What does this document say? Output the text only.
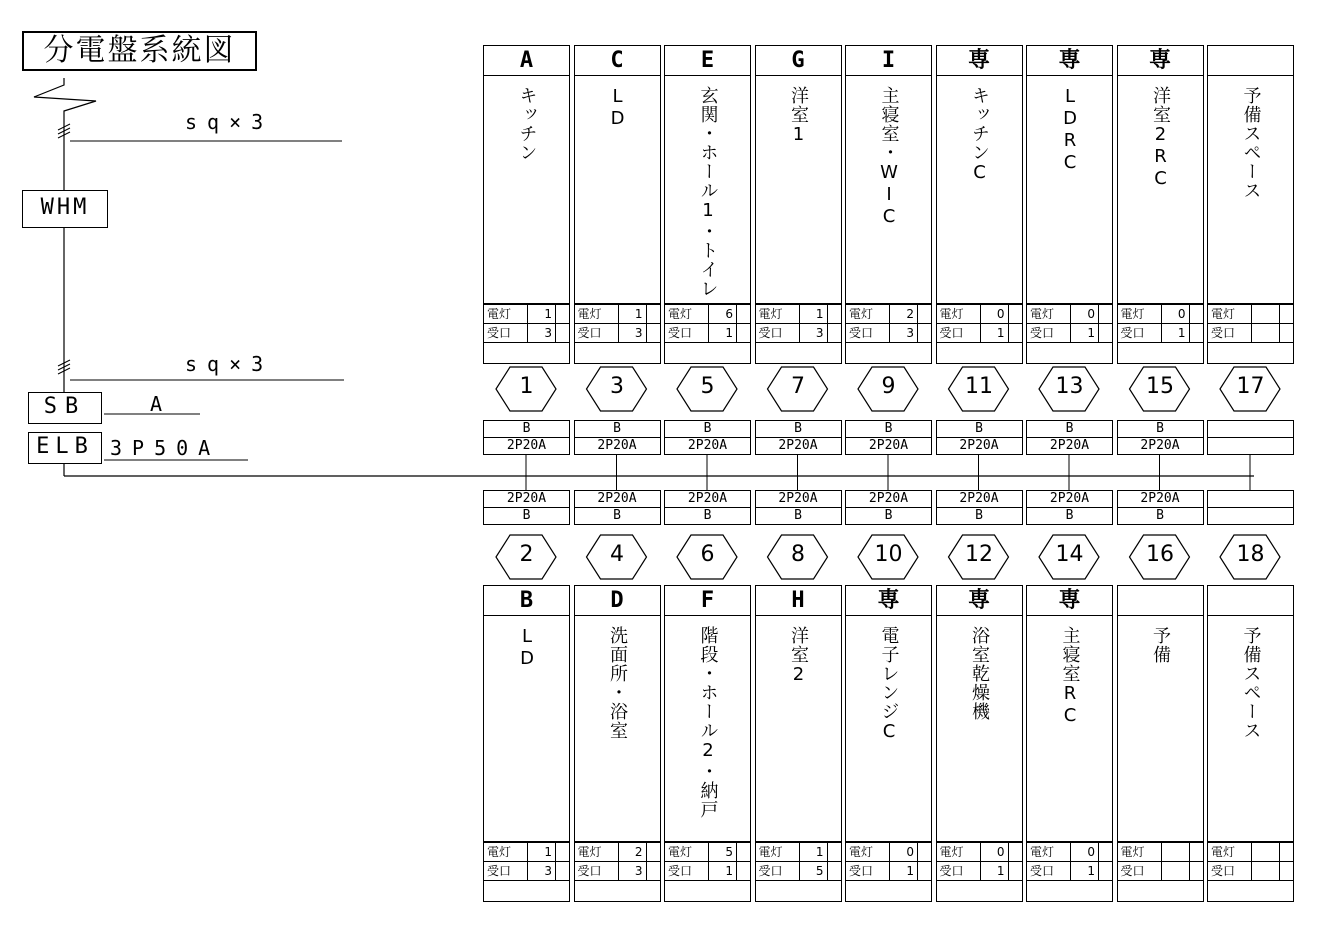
分電盤系統図
sq×3
WHM
sq×3
SB	A
ELB 3P50A
A
キッチン
電灯	1
受口	3
1
B
2P20A
C
LD
電灯	1
受口	3
3
B
2P20A
E
玄関・ホール1・トイレ
電灯	6
受口	1
5
B
2P20A
G
洋室1
電灯	1
受口	3
7
B
2P20A
I
主寝室・WIC
電灯	2
受口	3
9
B
2P20A
専
キッチンC
電灯	0
受口	1
11
B
2P20A
専
LDRC
電灯	0
受口	1
13
B
2P20A
専
洋室2RC
電灯	0
受口	1
15
B
2P20A
予備スペース
電灯
受口
17
2P20A
B
2
B
LD
電灯	1
受口	3
2P20A
B
4
D
洗面所・浴室
電灯	2
受口	3
2P20A
B
6
F
階段・ホール2・納戸
電灯	5
受口	1
2P20A
B
8
H
洋室2
電灯	1
受口	5
2P20A
B
10
専
電子レンジC
電灯	0
受口	1
2P20A
B
12
専
浴室乾燥機
電灯	0
受口	1
2P20A
B
14
専
主寝室RC
電灯	0
受口	1
2P20A
B
16
予備
電灯
受口
18
予備スペース
電灯
受口
